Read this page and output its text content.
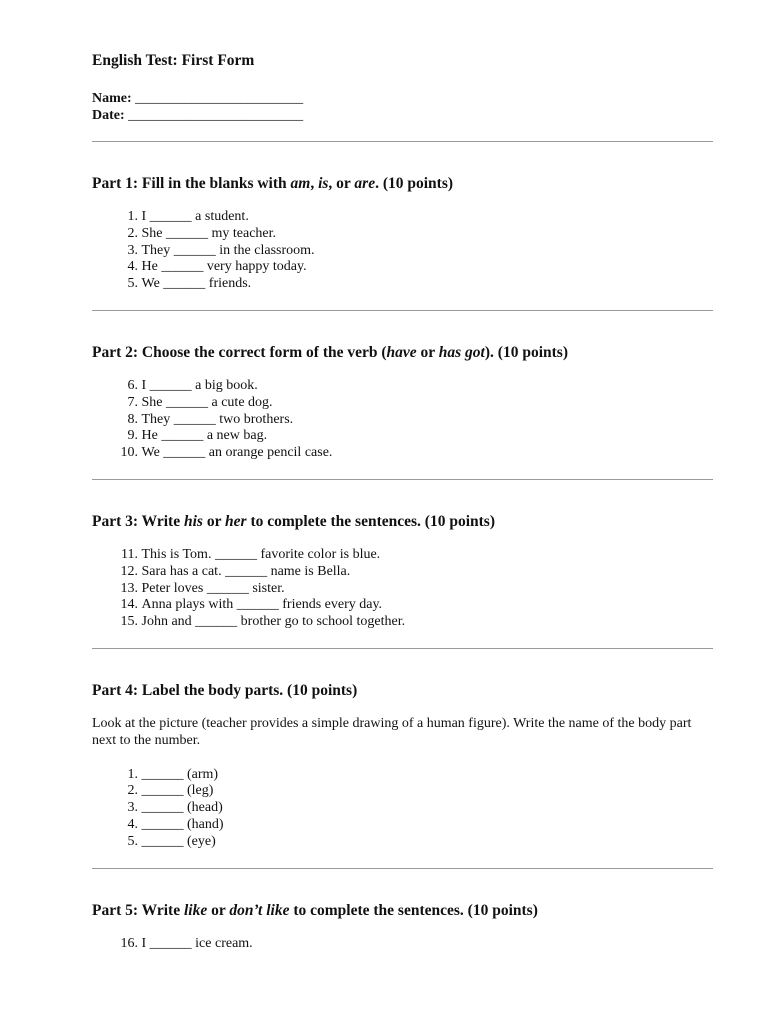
English Test: First Form
Name: ________________________
Date: _________________________
Part 1: Fill in the blanks with am, is, or are. (10 points)
1. I ______ a student.
2. She ______ my teacher.
3. They ______ in the classroom.
4. He ______ very happy today.
5. We ______ friends.
Part 2: Choose the correct form of the verb (have or has got). (10 points)
6. I ______ a big book.
7. She ______ a cute dog.
8. They ______ two brothers.
9. He ______ a new bag.
10. We ______ an orange pencil case.
Part 3: Write his or her to complete the sentences. (10 points)
11. This is Tom. ______ favorite color is blue.
12. Sara has a cat. ______ name is Bella.
13. Peter loves ______ sister.
14. Anna plays with ______ friends every day.
15. John and ______ brother go to school together.
Part 4: Label the body parts. (10 points)

Look at the picture (teacher provides a simple drawing of a human figure). Write the name of the body part next to the number.

1. ______ (arm)
2. ______ (leg)
3. ______ (head)
4. ______ (hand)
5. ______ (eye)
Part 5: Write like or don’t like to complete the sentences. (10 points)
16. I ______ ice cream.
